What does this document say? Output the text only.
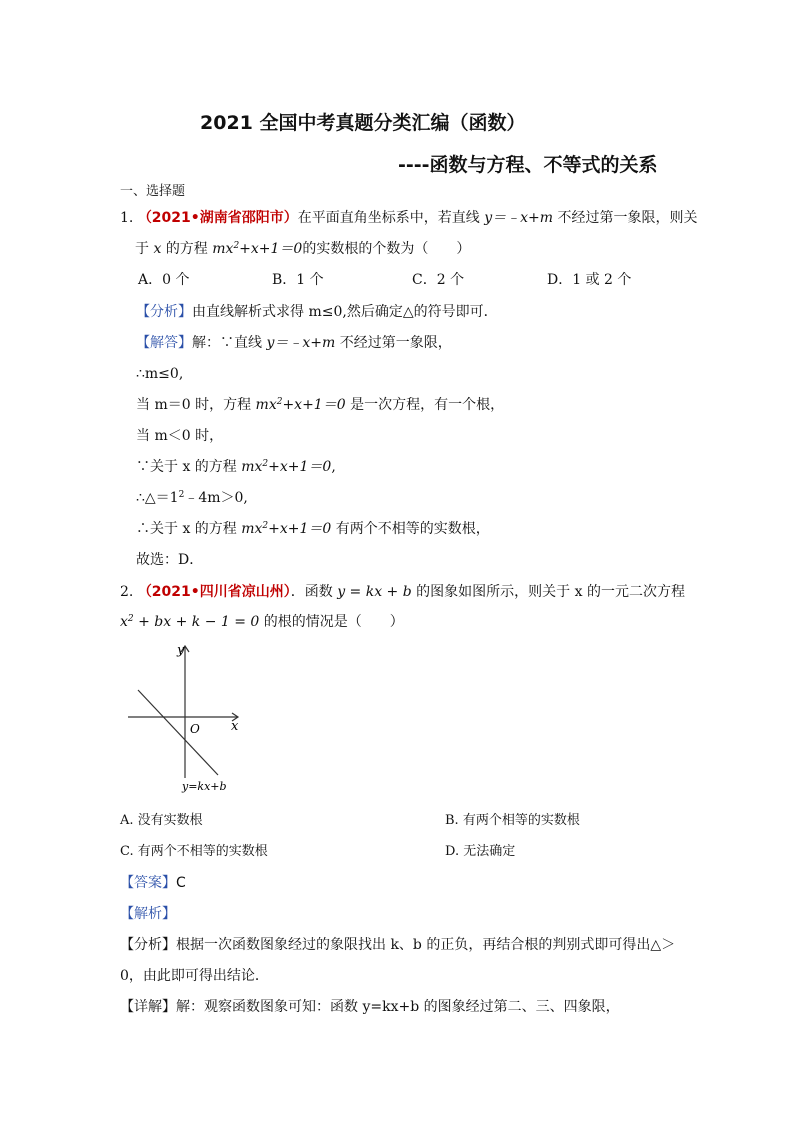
2021 全国中考真题分类汇编（函数）
----函数与方程、不等式的关系
一、选择题
1. （2021•湖南省邵阳市）在平面直角坐标系中，若直线 y＝﹣x+m 不经过第一象限，则关
于 x 的方程 $mx^2+x+1=0$的实数根的个数为（　　）
A．0 个	B．1 个	C．2 个	D．1 或 2 个
【分析】由直线解析式求得 m≤0,然后确定△的符号即可．
【解答】解：∵直线 y＝﹣x+m 不经过第一象限，
∴m≤0,
当 m＝0 时，方程 $mx^2+x+1=0$ 是一次方程，有一个根，
当 m＜0 时，
∵关于 x 的方程 $mx^2+x+1=0$,
$\therefore\triangle=1^2﹣4m>0$,
∴关于 x 的方程 $mx^2+x+1=0$ 有两个不相等的实数根，
故选：D．
2. （2021•四川省凉山州）．函数 y = kx + b 的图象如图所示，则关于 x 的一元二次方程
$x^2$ + bx + k − 1 = 0 的根的情况是（　　）
y
x
O
y=kx+b
A. 没有实数根	B. 有两个相等的实数根
C. 有两个不相等的实数根	D. 无法确定
【答案】C
【解析】
【分析】根据一次函数图象经过的象限找出 k、b 的正负，再结合根的判别式即可得出△＞
0，由此即可得出结论．
【详解】解：观察函数图象可知：函数 y=kx+b 的图象经过第二、三、四象限，
